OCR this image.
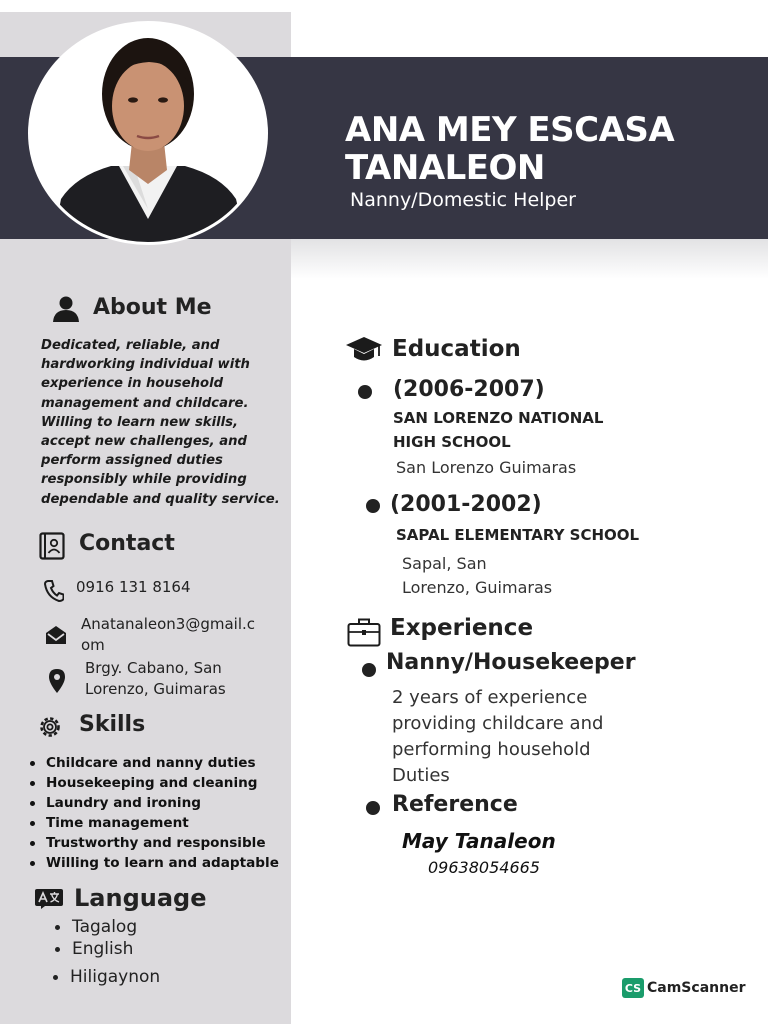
ANA MEY ESCASA
TANALEON
Nanny/Domestic Helper
About Me
Dedicated, reliable, and hardworking individual with experience in household management and childcare. Willing to learn new skills, accept new challenges, and perform assigned duties responsibly while providing dependable and quality service.
Contact
0916 131 8164
Anatanaleon3@gmail.c
om
Brgy. Cabano, San
Lorenzo, Guimaras
Skills
Childcare and nanny duties
Housekeeping and cleaning
Laundry and ironing
Time management
Trustworthy and responsible
Willing to learn and adaptable
Language
Tagalog
English
Hiligaynon
Education
(2006-2007)
SAN LORENZO NATIONAL
HIGH SCHOOL
San Lorenzo Guimaras
(2001-2002)
SAPAL ELEMENTARY SCHOOL
Sapal, San
Lorenzo, Guimaras
Experience
Nanny/Housekeeper
2 years of experience
providing childcare and
performing household
Duties
Reference
May Tanaleon
09638054665
CS CamScanner
